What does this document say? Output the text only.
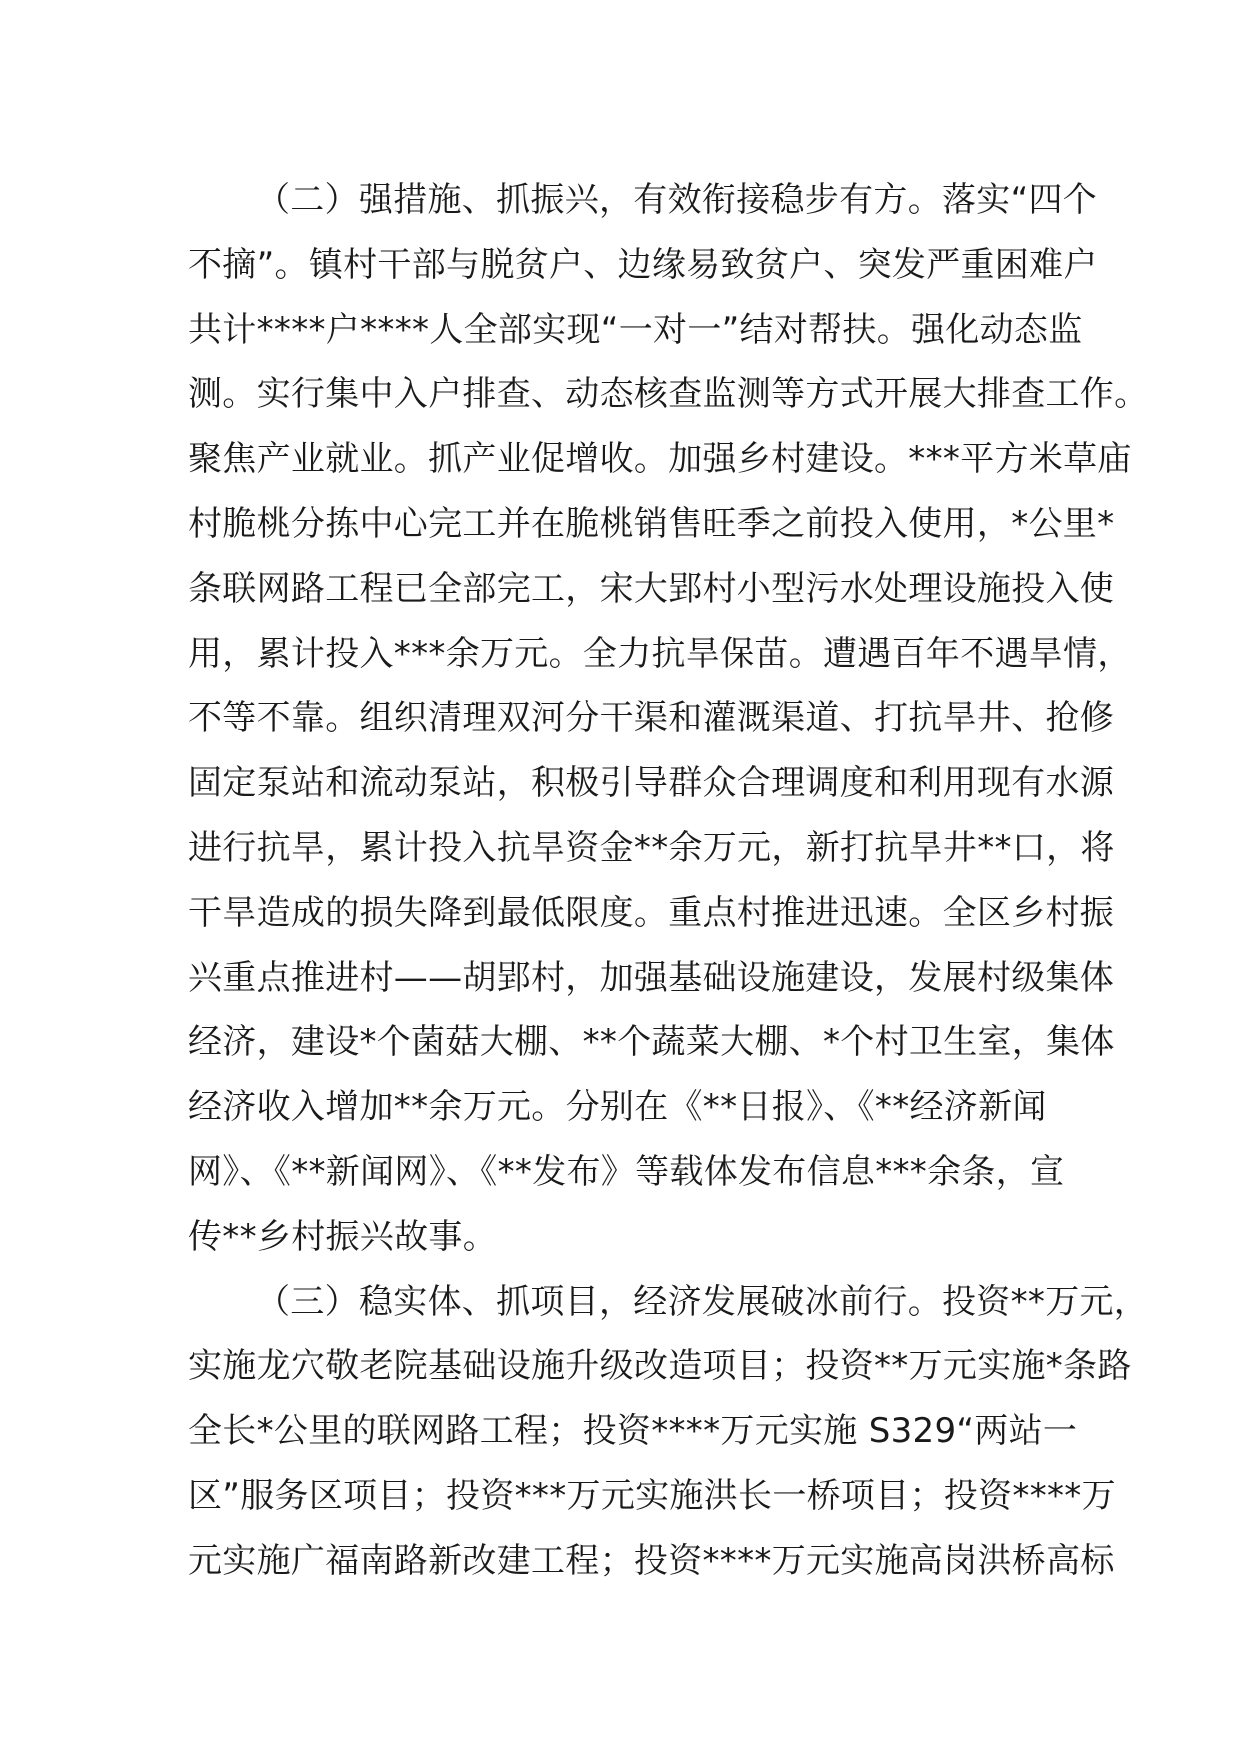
（二）强措施、抓振兴，有效衔接稳步有方。落实“四个
不摘”。镇村干部与脱贫户、边缘易致贫户、突发严重困难户
共计****户****人全部实现“一对一”结对帮扶。强化动态监
测。实行集中入户排查、动态核查监测等方式开展大排查工作。
聚焦产业就业。抓产业促增收。加强乡村建设。***平方米草庙
村脆桃分拣中心完工并在脆桃销售旺季之前投入使用，*公里*
条联网路工程已全部完工，宋大郢村小型污水处理设施投入使
用，累计投入***余万元。全力抗旱保苗。遭遇百年不遇旱情，
不等不靠。组织清理双河分干渠和灌溉渠道、打抗旱井、抢修
固定泵站和流动泵站，积极引导群众合理调度和利用现有水源
进行抗旱，累计投入抗旱资金**余万元，新打抗旱井**口，将
干旱造成的损失降到最低限度。重点村推进迅速。全区乡村振
兴重点推进村——胡郢村，加强基础设施建设，发展村级集体
经济，建设*个菌菇大棚、**个蔬菜大棚、*个村卫生室，集体
经济收入增加**余万元。分别在《**日报》、《**经济新闻
网》、《**新闻网》、《**发布》等载体发布信息***余条，宣
传**乡村振兴故事。
（三）稳实体、抓项目，经济发展破冰前行。投资**万元，
实施龙穴敬老院基础设施升级改造项目；投资**万元实施*条路
全长*公里的联网路工程；投资****万元实施 S329“两站一
区”服务区项目；投资***万元实施洪长一桥项目；投资****万
元实施广福南路新改建工程；投资****万元实施高岗洪桥高标
